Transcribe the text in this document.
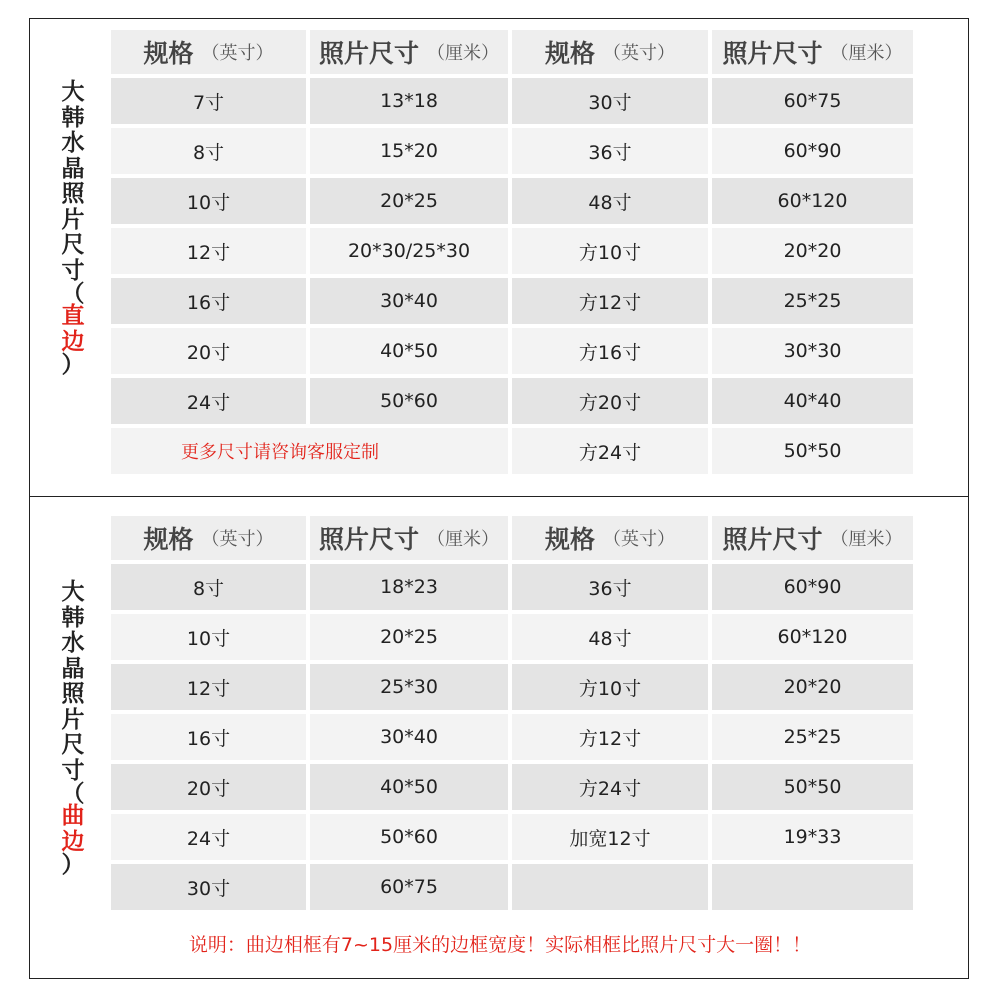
大
韩
水
晶
照
片
尺
寸
（
直
边
）
规格 （英寸） 照片尺寸 （厘米） 规格 （英寸） 照片尺寸 （厘米）
7寸	13*18	30寸	60*75
8寸	15*20	36寸	60*90
10寸	20*25	48寸	60*120
12寸	20*30/25*30	方10寸	20*20
16寸	30*40	方12寸	25*25
20寸	40*50	方16寸	30*30
24寸	50*60	方20寸	40*40
更多尺寸请咨询客服定制	方24寸	50*50
大
韩
水
晶
照
片
尺
寸
（
曲
边
）
规格 （英寸） 照片尺寸 （厘米） 规格 （英寸） 照片尺寸 （厘米）
8寸	18*23	36寸	60*90
10寸	20*25	48寸	60*120
12寸	25*30	方10寸	20*20
16寸	30*40	方12寸	25*25
20寸	40*50	方24寸	50*50
24寸	50*60	加宽12寸	19*33
30寸	60*75
说明：曲边相框有7~15厘米的边框宽度！实际相框比照片尺寸大一圈！！
